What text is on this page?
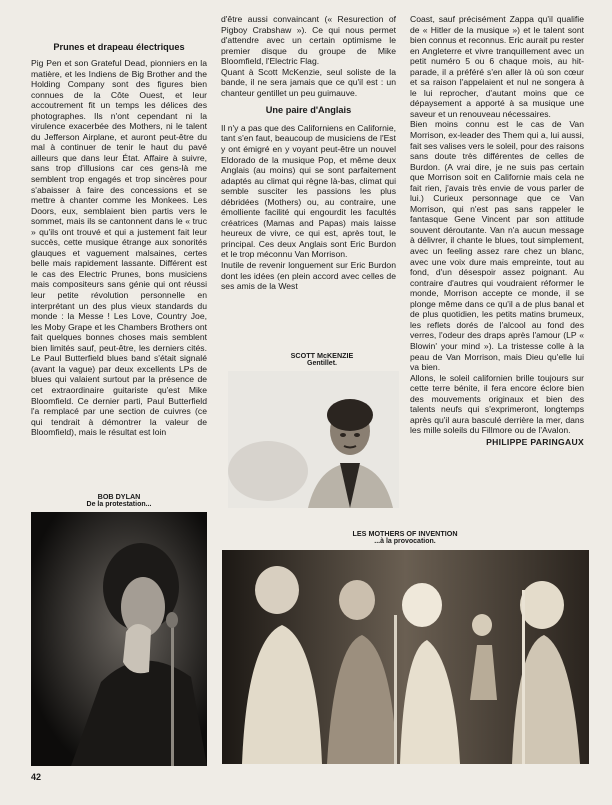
Prunes et drapeau électriques

Pig Pen et son Grateful Dead, pionniers en la matière, et les Indiens de Big Brother and the Holding Company sont des figures bien connues de la Côte Ouest, et leur accoutrement fit un temps les délices des photographes. Ils n'ont cependant ni la virulence exacerbée des Mothers, ni le talent du Jefferson Airplane, et auront peut-être du mal à continuer de tenir le haut du pavé ailleurs que dans leur État. Affaire à suivre, sans trop d'illusions car ces gens-là me semblent trop engagés et trop sincères pour s'abaisser à faire des concessions et se mettre à chanter comme les Monkees. Les Doors, eux, semblaient bien partis vers le sommet, mais ils se cantonnent dans le « truc » qu'ils ont trouvé et qui a justement fait leur succès, cette musique étrange aux sonorités glauques et vaguement malsaines, certes belle mais rapidement lassante. Différent est le cas des Electric Prunes, bons musiciens mais compositeurs sans génie qui ont réussi leur petite révolution personnelle en interprétant un des plus vieux standards du monde : la Messe ! Les Love, Country Joe, les Moby Grape et les Chambers Brothers ont fait quelques bonnes choses mais semblent bien limités sauf, peut-être, les derniers cités. Le Paul Butterfield blues band s'était signalé (avant la vague) par deux excellents LPs de blues qui valaient surtout par la présence de cet extraordinaire guitariste qu'est Mike Bloomfield. Ce dernier parti, Paul Butterfield l'a remplacé par une section de cuivres (ce qui tendrait à démontrer la valeur de Bloomfield), mais le résultat est loin

BOB DYLAN
De la protestation...

d'être aussi convaincant (« Resurection of Pigboy Crabshaw »). Ce qui nous permet d'attendre avec un certain optimisme le premier disque du groupe de Mike Bloomfield, l'Electric Flag.

Quant à Scott McKenzie, seul soliste de la bande, il ne sera jamais que ce qu'il est : un chanteur gentillet un peu guimauve.

Une paire d'Anglais

Il n'y a pas que des Californiens en Californie, tant s'en faut, beaucoup de musiciens de l'Est y ont émigré en y voyant peut-être un nouvel Eldorado de la musique Pop, et même deux Anglais (au moins) qui se sont parfaitement adaptés au climat qui règne là-bas, climat qui semble susciter les passions les plus débridées (Mothers) ou, au contraire, une émolliente facilité qui engourdit les facultés créatrices (Mamas and Papas) mais laisse heureux de vivre, ce qui est, après tout, le principal. Ces deux Anglais sont Eric Burdon et le trop méconnu Van Morrison.

Inutile de revenir longuement sur Eric Burdon dont les idées (en plein accord avec celles de ses amis de la West

SCOTT McKENZIE
Gentillet.

Coast, sauf précisément Zappa qu'il qualifie de « Hitler de la musique ») et le talent sont bien connus et reconnus. Eric aurait pu rester en Angleterre et vivre tranquillement avec un petit numéro 5 ou 6 chaque mois, au hit-parade, il a préféré s'en aller là où son cœur et sa raison l'appelaient et nul ne songera à le lui reprocher, d'autant moins que ce dépaysement a apporté à sa musique une saveur et un renouveau nécessaires.

Bien moins connu est le cas de Van Morrison, ex-leader des Them qui a, lui aussi, fait ses valises vers le soleil, pour des raisons sans doute très différentes de celles de Burdon. (A vrai dire, je ne suis pas certain que Morrison soit en Californie mais cela ne fait rien, j'avais très envie de vous parler de lui.) Curieux personnage que ce Van Morrison, qui n'est pas sans rappeler le fantasque Gene Vincent par son attitude souvent déroutante. Van n'a aucun message à délivrer, il chante le blues, tout simplement, avec un feeling assez rare chez un blanc, avec une voix dure mais empreinte, tout au fond, d'un désespoir assez poignant. Au contraire d'autres qui voudraient réformer le monde, Morrison accepte ce monde, il se plonge même dans ce qu'il a de plus banal et de plus quotidien, les petits matins brumeux, les reflets dorés de l'alcool au fond des verres, l'odeur des draps après l'amour (LP « Blowin' your mind »). La tristesse colle à la peau de Van Morrison, mais Dieu qu'elle lui va bien.

Allons, le soleil californien brille toujours sur cette terre bénite, il fera encore éclore bien des mouvements originaux et bien des talents neufs qui s'exprimeront, longtemps après qu'il aura basculé derrière la mer, dans les mille soleils du Fillmore ou de l'Avalon.

PHILIPPE PARINGAUX

LES MOTHERS OF INVENTION
...à la provocation.
42
